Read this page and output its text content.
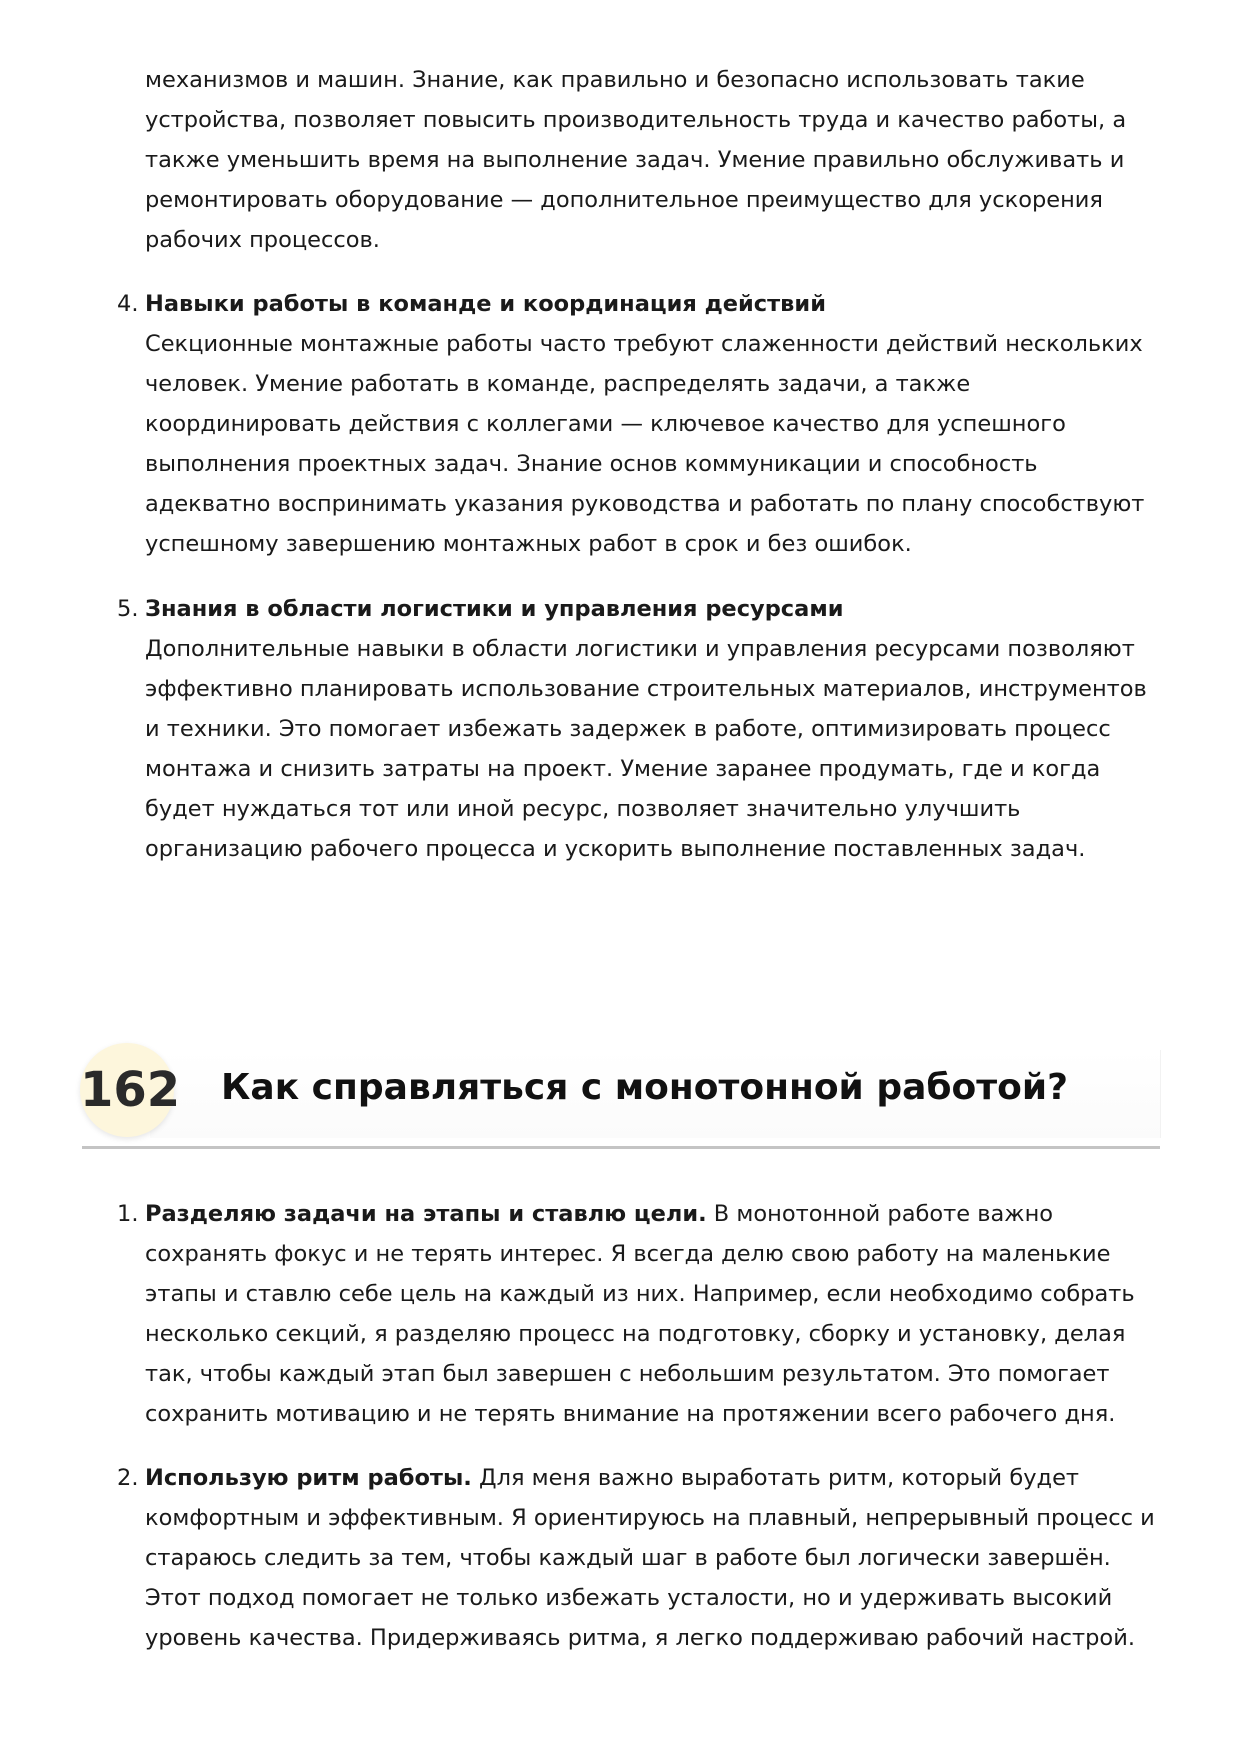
механизмов и машин. Знание, как правильно и безопасно использовать такие устройства, позволяет повысить производительность труда и качество работы, а также уменьшить время на выполнение задач. Умение правильно обслуживать и ремонтировать оборудование — дополнительное преимущество для ускорения рабочих процессов.
4. Навыки работы в команде и координация действий
Секционные монтажные работы часто требуют слаженности действий нескольких человек. Умение работать в команде, распределять задачи, а также координировать действия с коллегами — ключевое качество для успешного выполнения проектных задач. Знание основ коммуникации и способность адекватно воспринимать указания руководства и работать по плану способствуют успешному завершению монтажных работ в срок и без ошибок.
5. Знания в области логистики и управления ресурсами
Дополнительные навыки в области логистики и управления ресурсами позволяют эффективно планировать использование строительных материалов, инструментов и техники. Это помогает избежать задержек в работе, оптимизировать процесс монтажа и снизить затраты на проект. Умение заранее продумать, где и когда будет нуждаться тот или иной ресурс, позволяет значительно улучшить организацию рабочего процесса и ускорить выполнение поставленных задач.
162 Как справляться с монотонной работой?
1. Разделяю задачи на этапы и ставлю цели. В монотонной работе важно сохранять фокус и не терять интерес. Я всегда делю свою работу на маленькие этапы и ставлю себе цель на каждый из них. Например, если необходимо собрать несколько секций, я разделяю процесс на подготовку, сборку и установку, делая так, чтобы каждый этап был завершен с небольшим результатом. Это помогает сохранить мотивацию и не терять внимание на протяжении всего рабочего дня.
2. Использую ритм работы. Для меня важно выработать ритм, который будет комфортным и эффективным. Я ориентируюсь на плавный, непрерывный процесс и стараюсь следить за тем, чтобы каждый шаг в работе был логически завершён. Этот подход помогает не только избежать усталости, но и удерживать высокий уровень качества. Придерживаясь ритма, я легко поддерживаю рабочий настрой.
